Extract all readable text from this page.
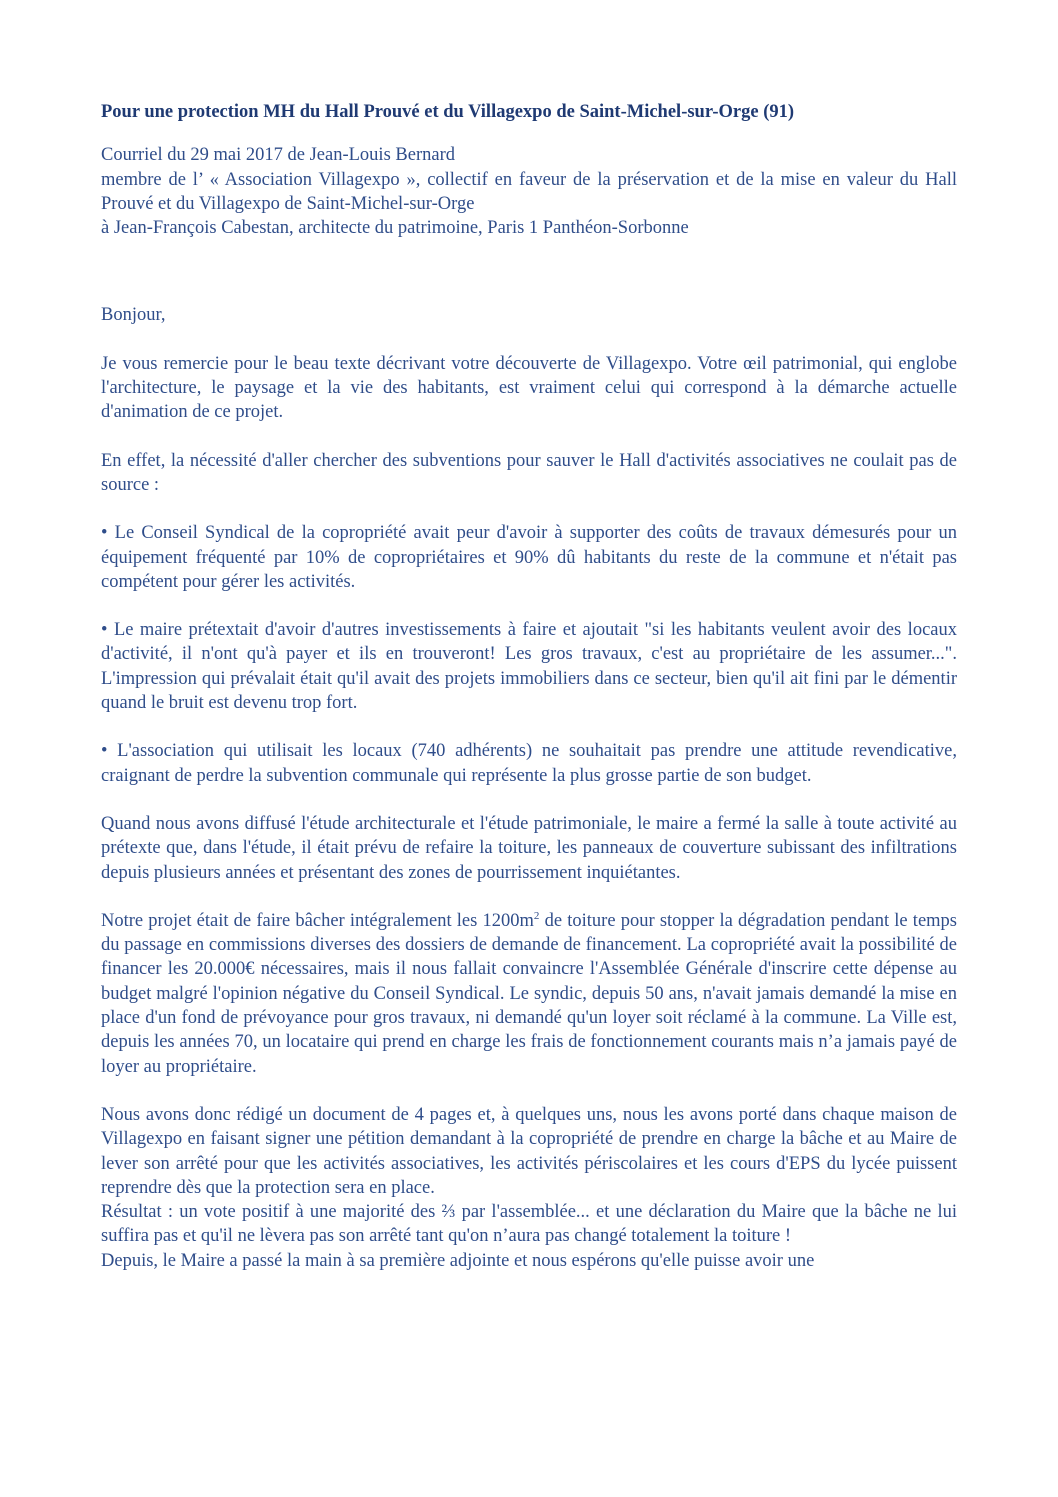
Pour une protection MH du Hall Prouvé et du Villagexpo de Saint-Michel-sur-Orge (91)

Courriel du 29 mai 2017 de Jean-Louis Bernard

membre de l’ « Association Villagexpo », collectif en faveur de la préservation et de la mise en valeur du Hall Prouvé et du Villagexpo de Saint-Michel-sur-Orge

à Jean-François Cabestan, architecte du patrimoine, Paris 1 Panthéon-Sorbonne

Bonjour,

Je vous remercie pour le beau texte décrivant votre découverte de Villagexpo. Votre œil patrimonial, qui englobe l'architecture, le paysage et la vie des habitants, est vraiment celui qui correspond à la démarche actuelle d'animation de ce projet.

En effet, la nécessité d'aller chercher des subventions pour sauver le Hall d'activités associatives ne coulait pas de source :

• Le Conseil Syndical de la copropriété avait peur d'avoir à supporter des coûts de travaux démesurés pour un équipement fréquenté par 10% de copropriétaires et 90% dû habitants du reste de la commune et n'était pas compétent pour gérer les activités.

• Le maire prétextait d'avoir d'autres investissements à faire et ajoutait "si les habitants veulent avoir des locaux d'activité, il n'ont qu'à payer et ils en trouveront! Les gros travaux, c'est au propriétaire de les assumer...". L'impression qui prévalait était qu'il avait des projets immobiliers dans ce secteur, bien qu'il ait fini par le démentir quand le bruit est devenu trop fort.

• L'association qui utilisait les locaux (740 adhérents) ne souhaitait pas prendre une attitude revendicative, craignant de perdre la subvention communale qui représente la plus grosse partie de son budget.

Quand nous avons diffusé l'étude architecturale et l'étude patrimoniale, le maire a fermé la salle à toute activité au prétexte que, dans l'étude, il était prévu de refaire la toiture, les panneaux de couverture subissant des infiltrations depuis plusieurs années et présentant des zones de pourrissement inquiétantes.

Notre projet était de faire bâcher intégralement les $1200m^2$ de toiture pour stopper la dégradation pendant le temps du passage en commissions diverses des dossiers de demande de financement. La copropriété avait la possibilité de financer les 20.000€ nécessaires, mais il nous fallait convaincre l'Assemblée Générale d'inscrire cette dépense au budget malgré l'opinion négative du Conseil Syndical. Le syndic, depuis 50 ans, n'avait jamais demandé la mise en place d'un fond de prévoyance pour gros travaux, ni demandé qu'un loyer soit réclamé à la commune. La Ville est, depuis les années 70, un locataire qui prend en charge les frais de fonctionnement courants mais n’a jamais payé de loyer au propriétaire.

Nous avons donc rédigé un document de 4 pages et, à quelques uns, nous les avons porté dans chaque maison de Villagexpo en faisant signer une pétition demandant à la copropriété de prendre en charge la bâche et au Maire de lever son arrêté pour que les activités associatives, les activités périscolaires et les cours d'EPS du lycée puissent reprendre dès que la protection sera en place.

Résultat : un vote positif à une majorité des ⅔ par l'assemblée... et une déclaration du Maire que la bâche ne lui suffira pas et qu'il ne lèvera pas son arrêté tant qu'on n’aura pas changé totalement la toiture !

Depuis, le Maire a passé la main à sa première adjointe et nous espérons qu'elle puisse avoir une
